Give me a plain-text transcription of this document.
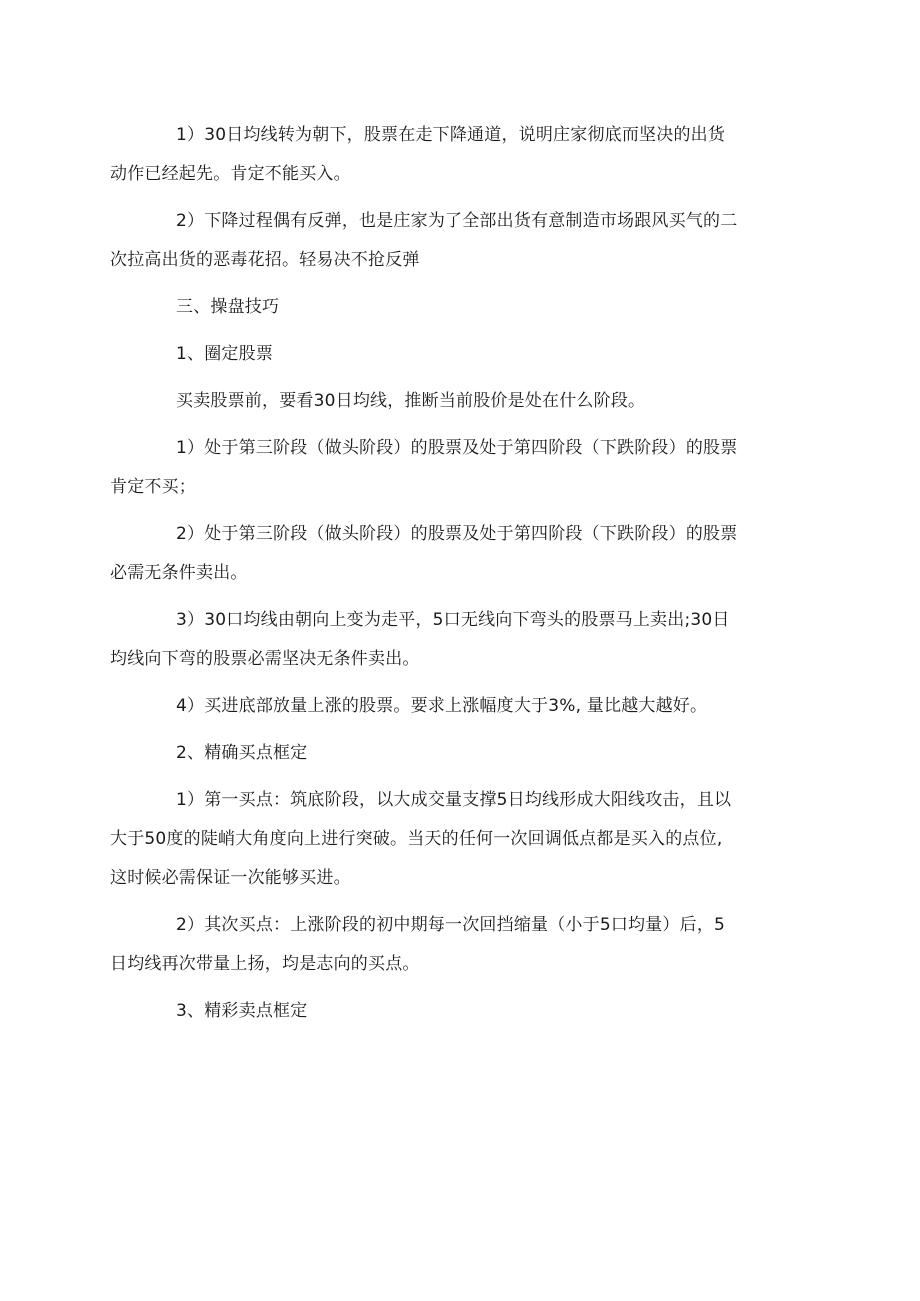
1）30日均线转为朝下，股票在走下降通道，说明庄家彻底而坚决的出货
动作已经起先。肯定不能买入。

2）下降过程偶有反弹，也是庄家为了全部出货有意制造市场跟风买气的二
次拉高出货的恶毒花招。轻易决不抢反弹

三、操盘技巧

1、圈定股票

买卖股票前，要看30日均线，推断当前股价是处在什么阶段。

1）处于第三阶段（做头阶段）的股票及处于第四阶段（下跌阶段）的股票
肯定不买；

2）处于第三阶段（做头阶段）的股票及处于第四阶段（下跌阶段）的股票
必需无条件卖出。

3）30口均线由朝向上变为走平，5口无线向下弯头的股票马上卖出;30日
均线向下弯的股票必需坚决无条件卖出。

4）买进底部放量上涨的股票。要求上涨幅度大于3%, 量比越大越好。

2、精确买点框定

1）第一买点：筑底阶段，以大成交量支撑5日均线形成大阳线攻击，且以
大于50度的陡峭大角度向上进行突破。当天的任何一次回调低点都是买入的点位,
这时候必需保证一次能够买进。

2）其次买点：上涨阶段的初中期每一次回挡缩量（小于5口均量）后，5
日均线再次带量上扬，均是志向的买点。

3、精彩卖点框定
